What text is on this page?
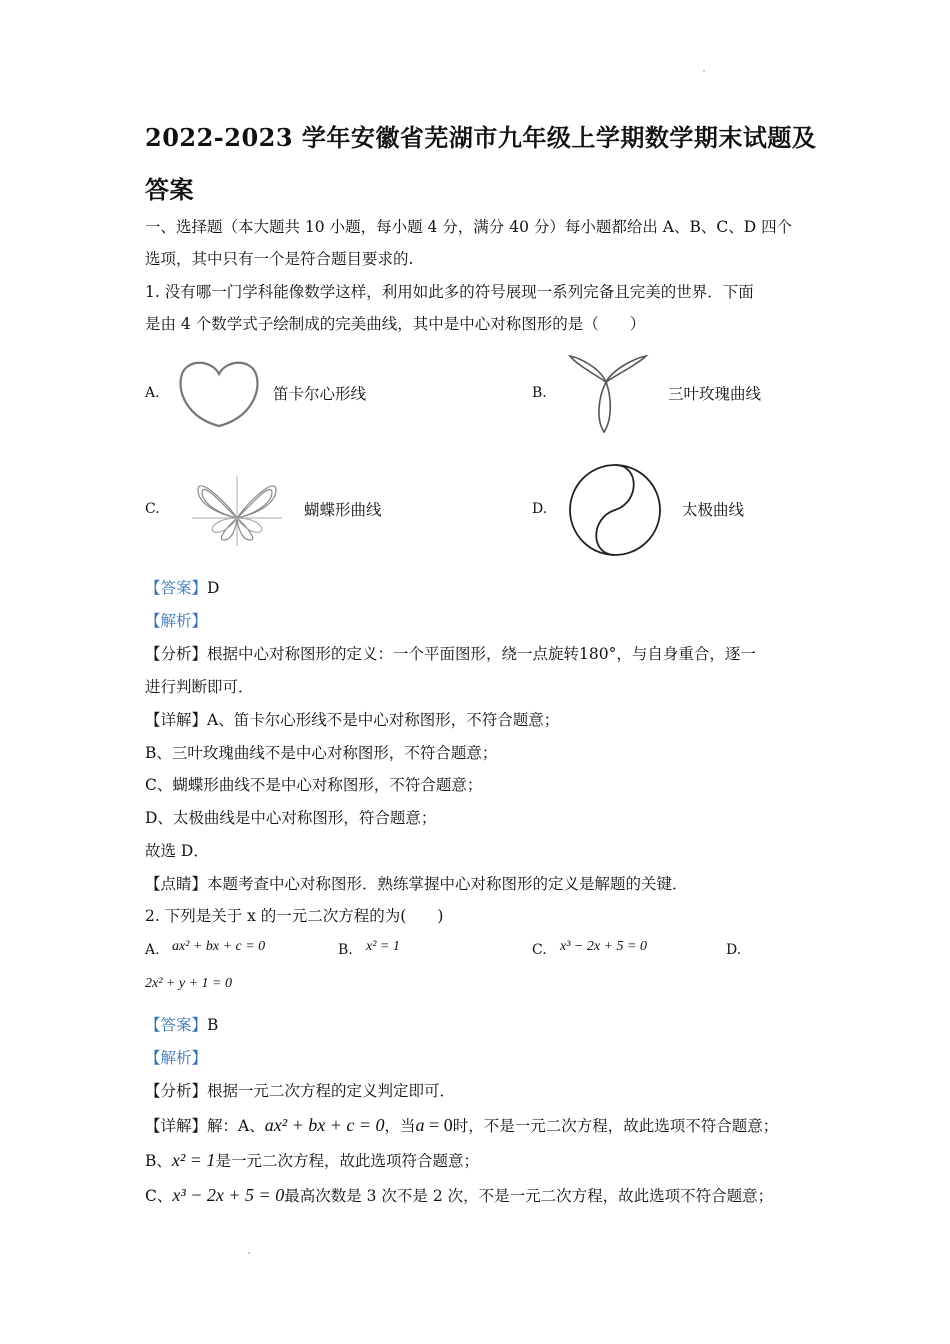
2022-2023 学年安徽省芜湖市九年级上学期数学期末试题及答案
一、选择题（本大题共 10 小题，每小题 4 分，满分 40 分）每小题都给出 A、B、C、D 四个
选项，其中只有一个是符合题目要求的.
1. 没有哪一门学科能像数学这样，利用如此多的符号展现一系列完备且完美的世界．下面
是由 4 个数学式子绘制成的完美曲线，其中是中心对称图形的是（　　）
A.	笛卡尔心形线	B.	三叶玫瑰曲线
C.	蝴蝶形曲线	D.	太极曲线
【答案】D
【解析】
【分析】根据中心对称图形的定义：一个平面图形，绕一点旋转180°，与自身重合，逐一
进行判断即可．
【详解】A、笛卡尔心形线不是中心对称图形，不符合题意；
B、三叶玫瑰曲线不是中心对称图形，不符合题意；
C、蝴蝶形曲线不是中心对称图形，不符合题意；
D、太极曲线是中心对称图形，符合题意；
故选 D．
【点睛】本题考查中心对称图形．熟练掌握中心对称图形的定义是解题的关键．
2. 下列是关于 x 的一元二次方程的为(　　)
A. ax² + bx + c = 0	B. x² = 1	C. x³ − 2x + 5 = 0	D.
2x² + y + 1 = 0
【答案】B
【解析】
【分析】根据一元二次方程的定义判定即可．
【详解】解：A、ax² + bx + c = 0，当a = 0时，不是一元二次方程，故此选项不符合题意；
B、x² = 1是一元二次方程，故此选项符合题意；
C、x³ − 2x + 5 = 0最高次数是 3 次不是 2 次，不是一元二次方程，故此选项不符合题意；
